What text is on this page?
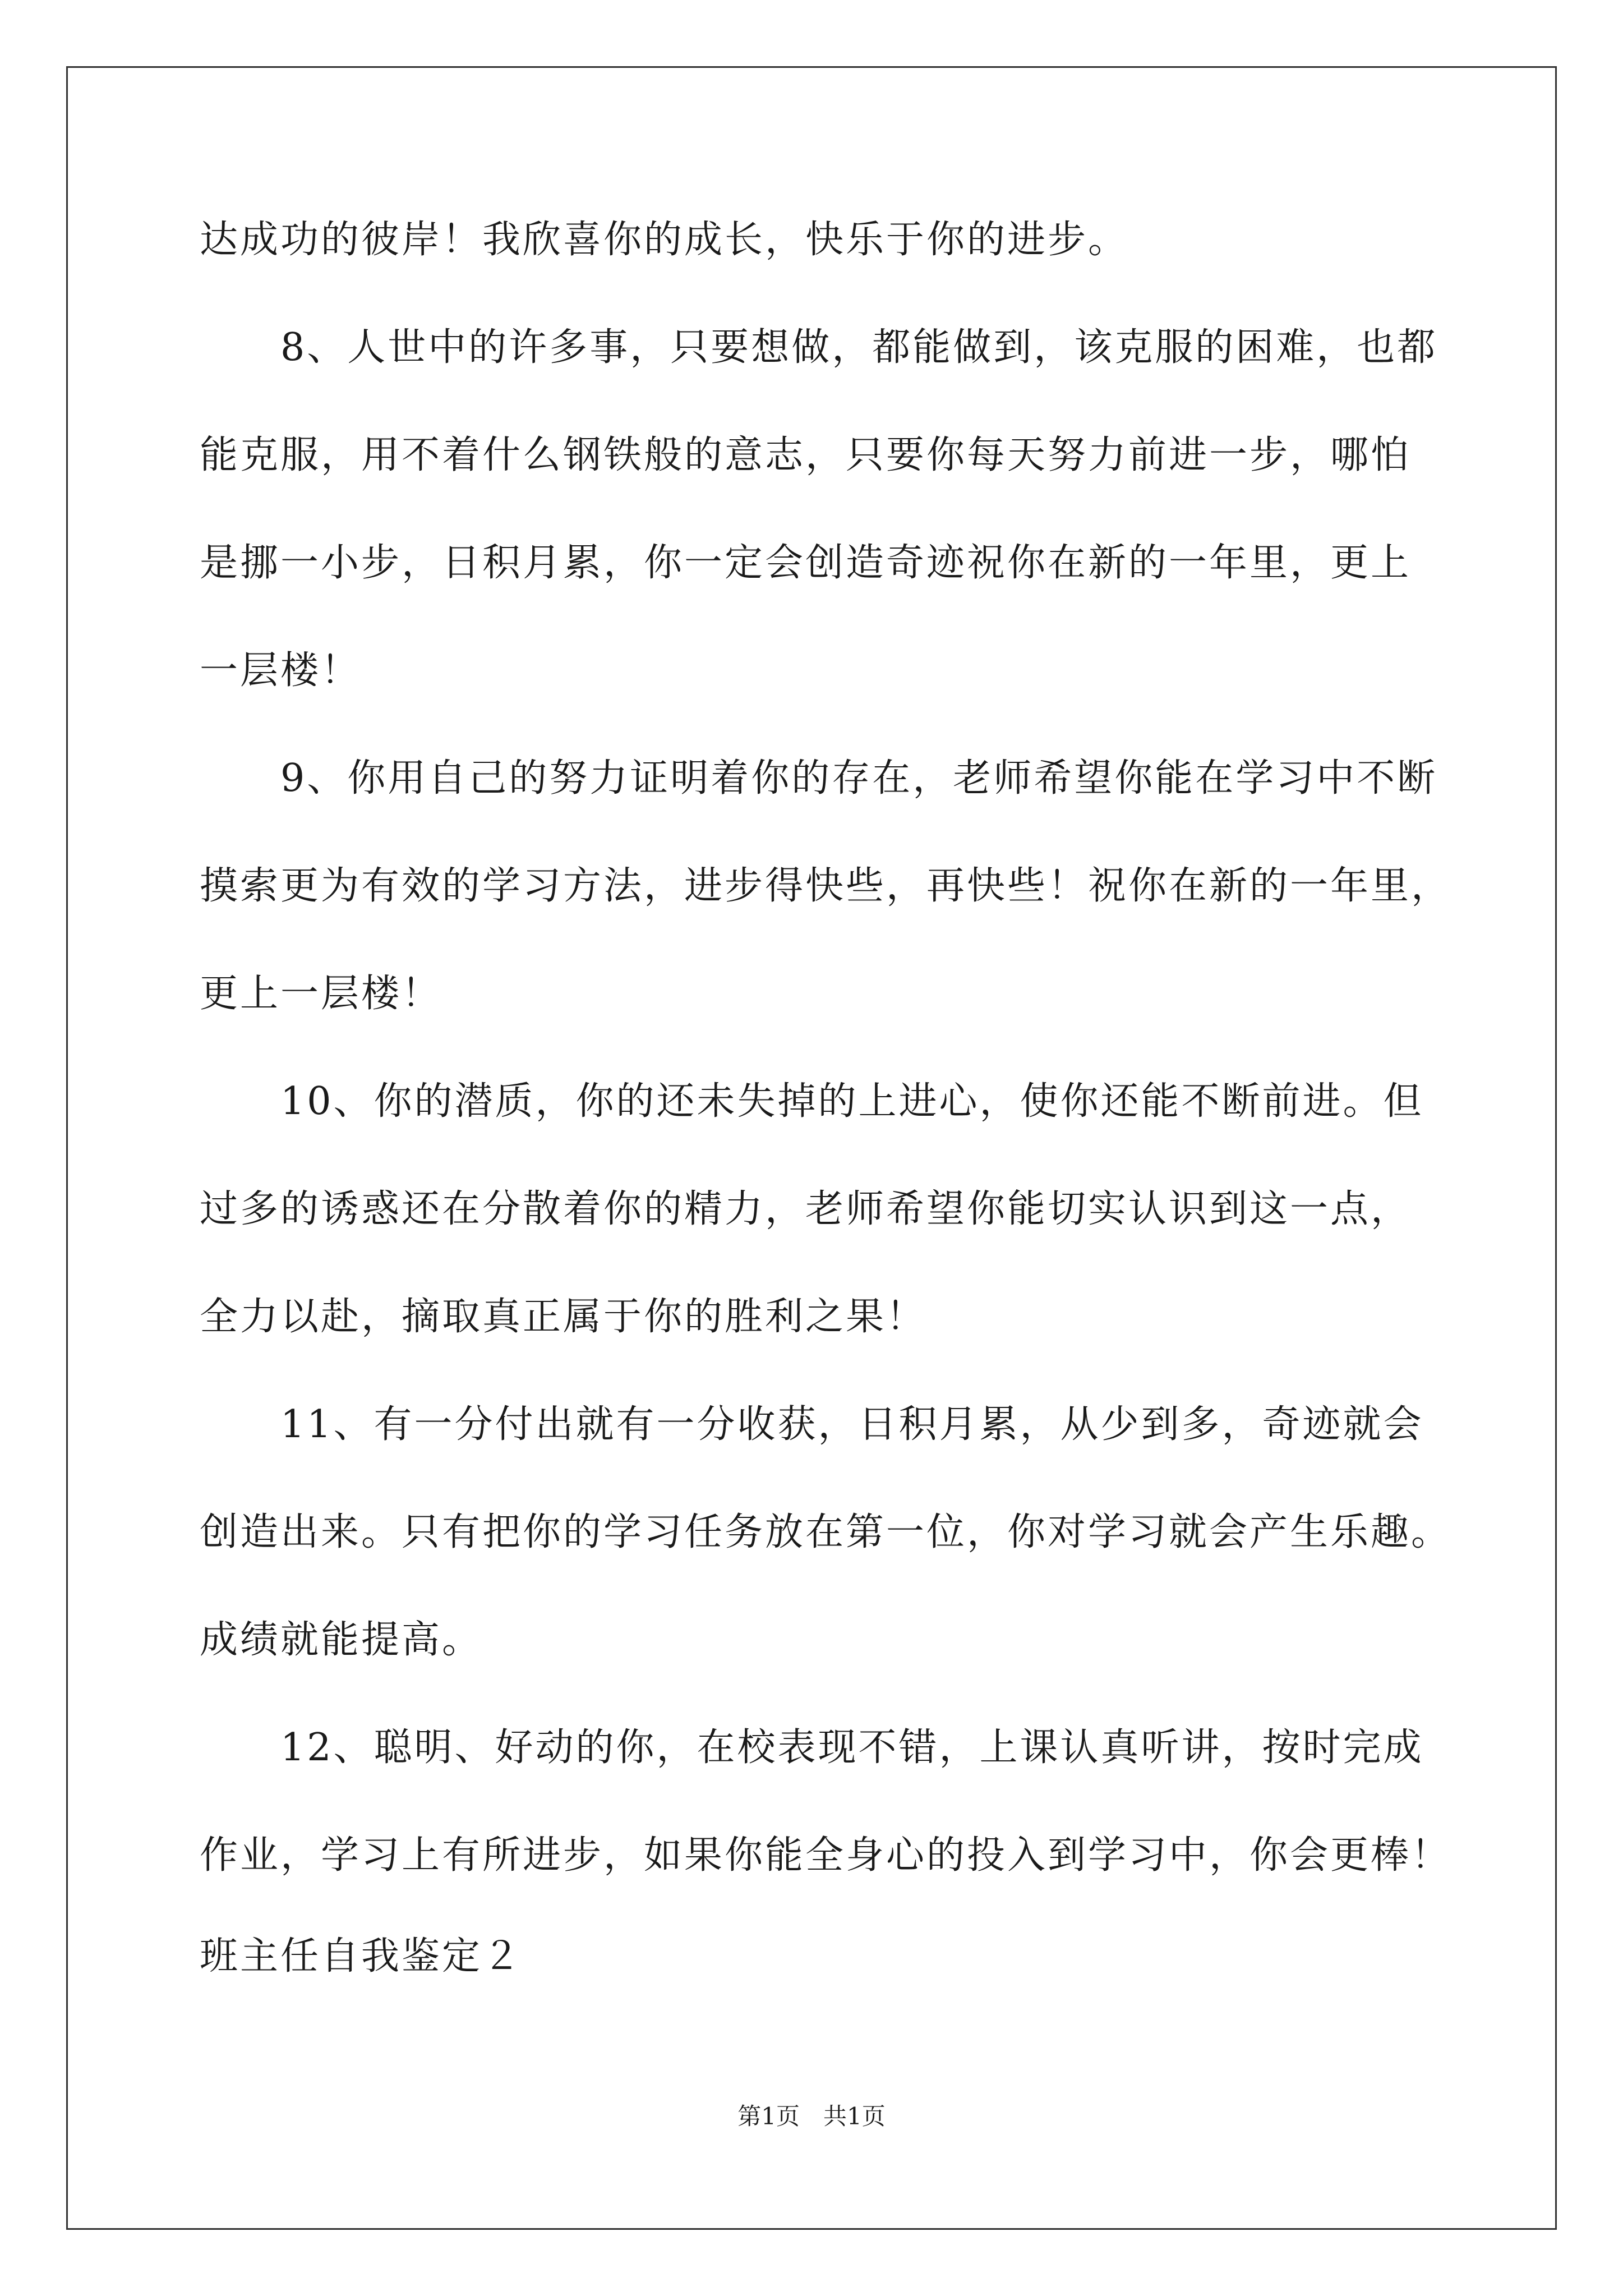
达成功的彼岸！我欣喜你的成长，快乐于你的进步。
　　8、人世中的许多事，只要想做，都能做到，该克服的困难，也都
能克服，用不着什么钢铁般的意志，只要你每天努力前进一步，哪怕
是挪一小步，日积月累，你一定会创造奇迹祝你在新的一年里，更上
一层楼！
　　9、你用自己的努力证明着你的存在，老师希望你能在学习中不断
摸索更为有效的学习方法，进步得快些，再快些！祝你在新的一年里，
更上一层楼！
　　10、你的潜质，你的还未失掉的上进心，使你还能不断前进。但
过多的诱惑还在分散着你的精力，老师希望你能切实认识到这一点，
全力以赴，摘取真正属于你的胜利之果！
　　11、有一分付出就有一分收获，日积月累，从少到多，奇迹就会
创造出来。只有把你的学习任务放在第一位，你对学习就会产生乐趣。
成绩就能提高。
　　12、聪明、好动的你，在校表现不错，上课认真听讲，按时完成
作业，学习上有所进步，如果你能全身心的投入到学习中，你会更棒！
班主任自我鉴定２
第1页　共1页
